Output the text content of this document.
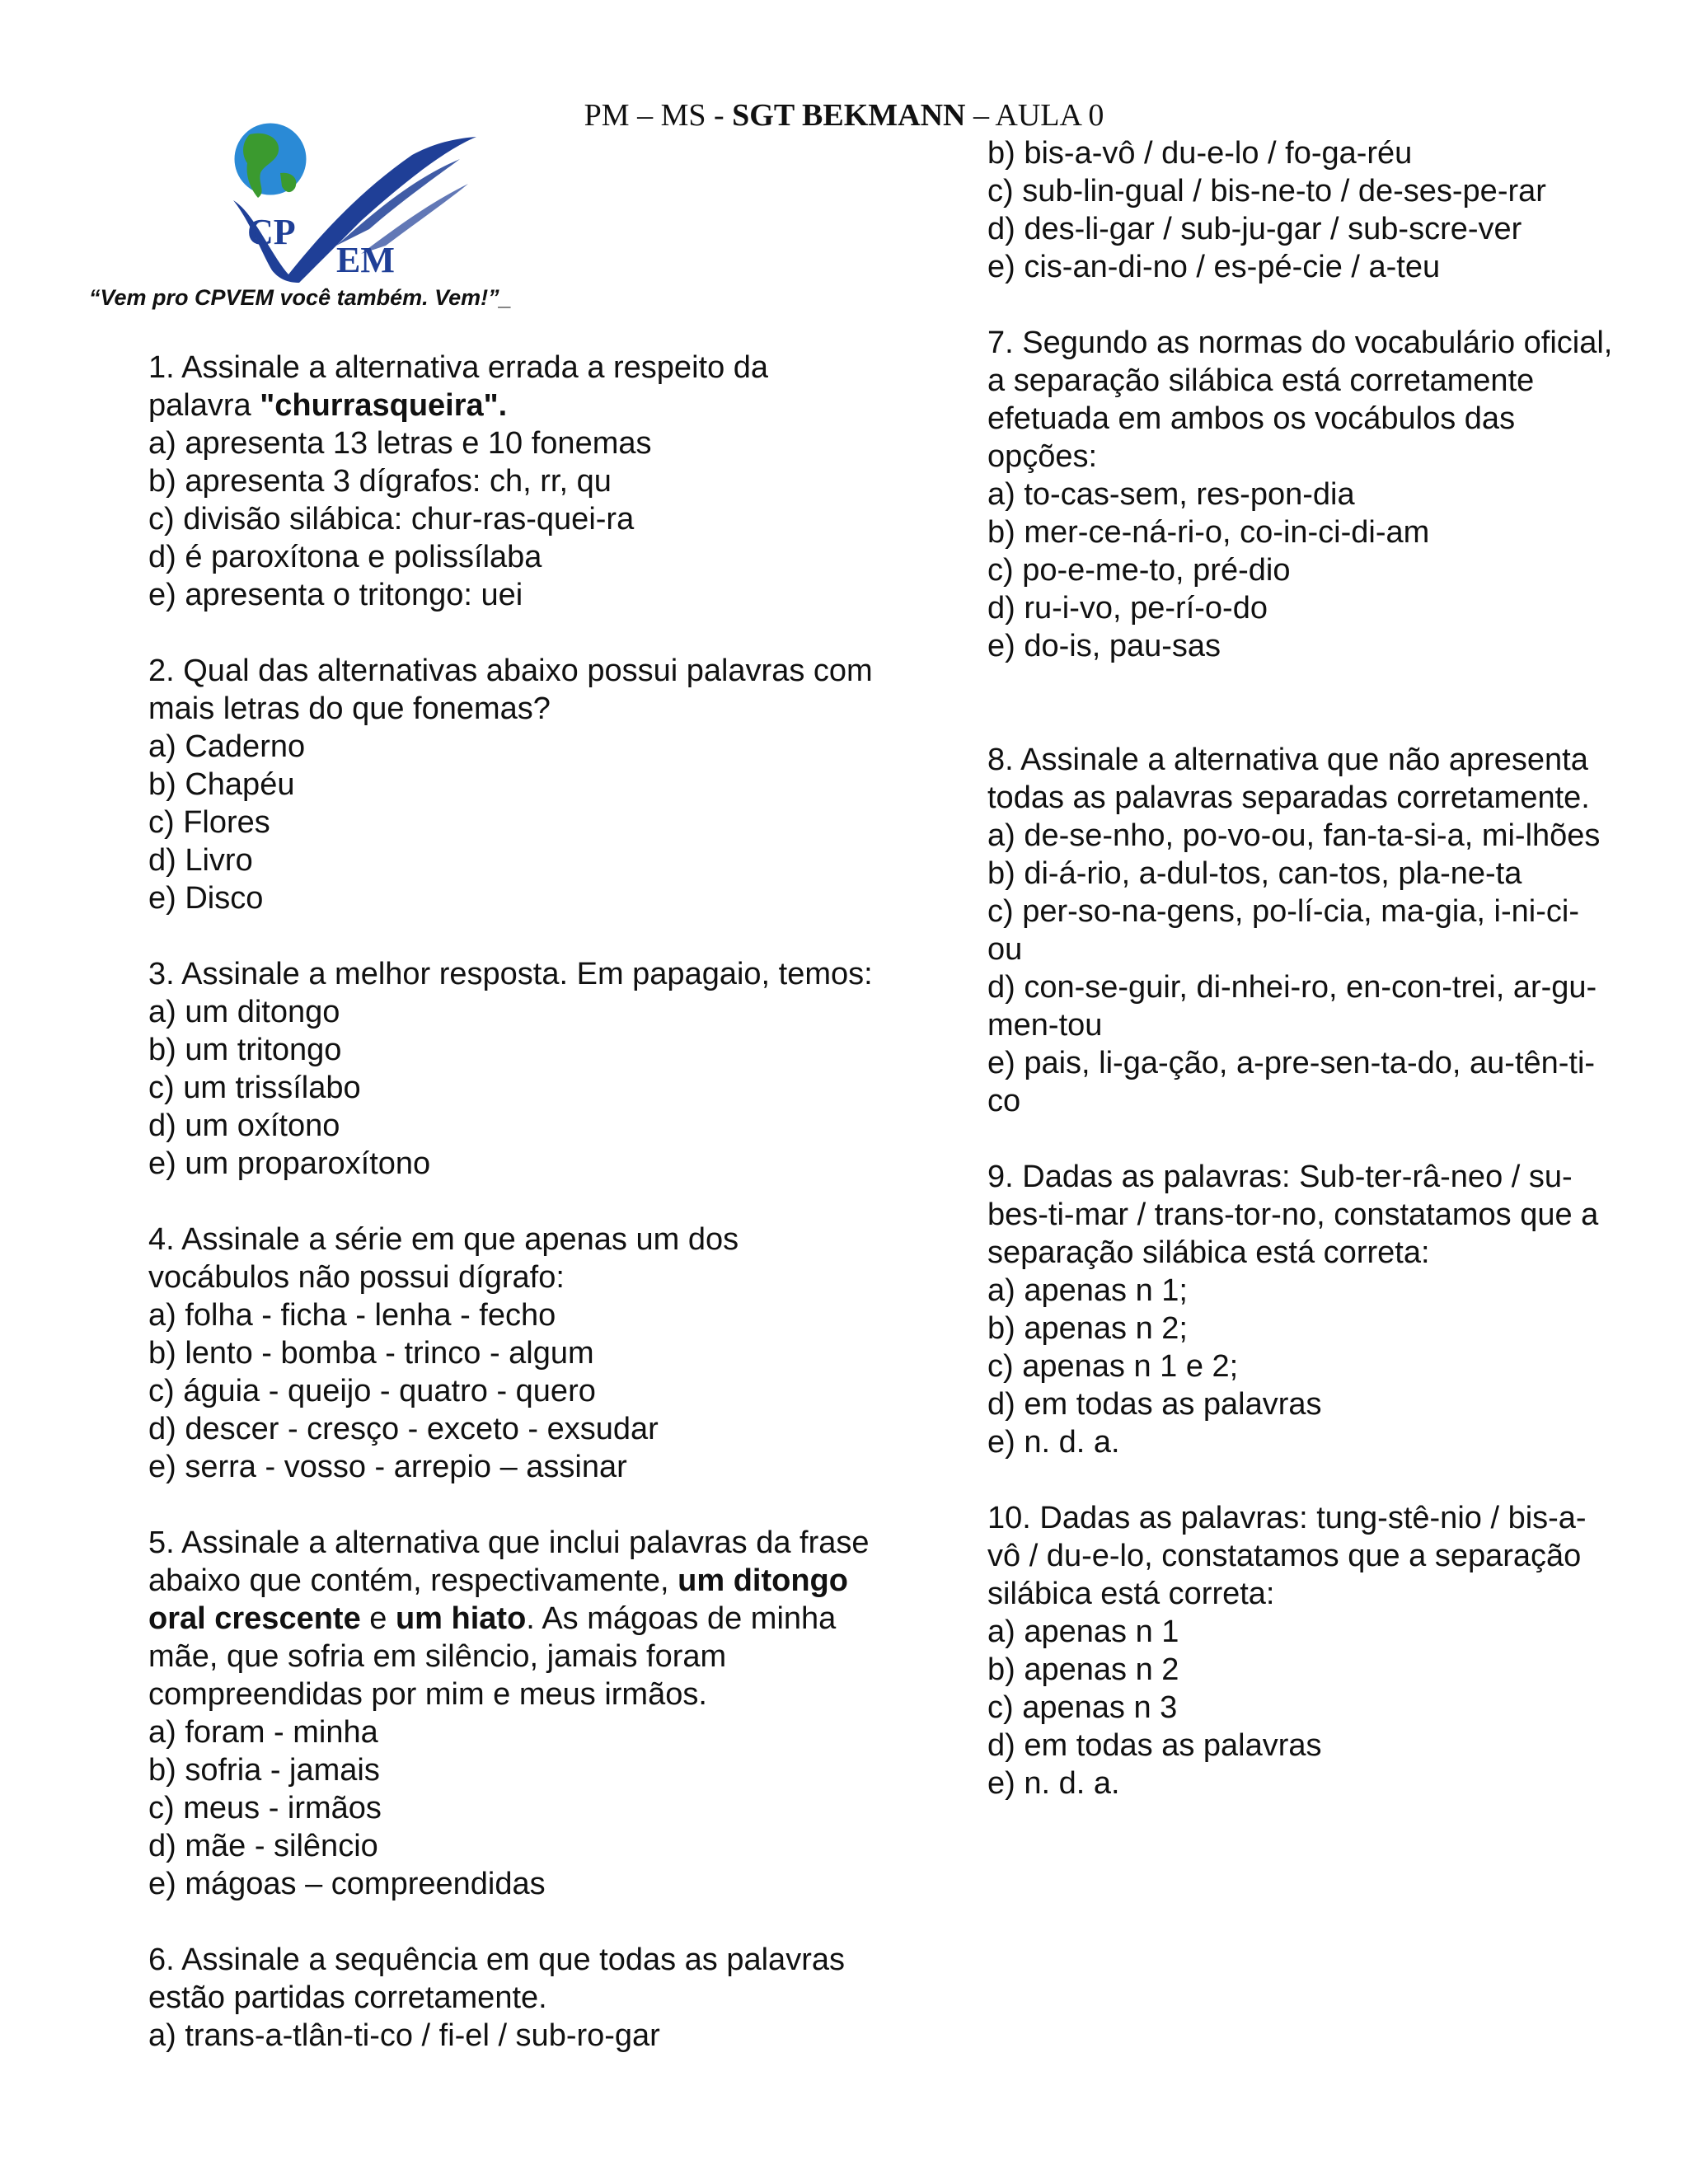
PM – MS - SGT BEKMANN – AULA 0
CP
EM
“Vem pro CPVEM você também. Vem!”_

1. Assinale a alternativa errada a respeito da palavra "churrasqueira".

a) apresenta 13 letras e 10 fonemas
b) apresenta 3 dígrafos: ch, rr, qu
c) divisão silábica: chur-ras-quei-ra
d) é paroxítona e polissílaba
e) apresenta o tritongo: uei

2. Qual das alternativas abaixo possui palavras com mais letras do que fonemas?

a) Caderno
b) Chapéu
c) Flores
d) Livro
e) Disco

3. Assinale a melhor resposta. Em papagaio, temos:

a) um ditongo
b) um tritongo
c) um trissílabo
d) um oxítono
e) um proparoxítono

4. Assinale a série em que apenas um dos vocábulos não possui dígrafo:

a) folha - ficha - lenha - fecho
b) lento - bomba - trinco - algum
c) águia - queijo - quatro - quero
d) descer - cresço - exceto - exsudar
e) serra - vosso - arrepio – assinar

5. Assinale a alternativa que inclui palavras da frase abaixo que contém, respectivamente, um ditongo oral crescente e um hiato. As mágoas de minha mãe, que sofria em silêncio, jamais foram compreendidas por mim e meus irmãos.

a) foram - minha
b) sofria - jamais
c) meus - irmãos
d) mãe - silêncio
e) mágoas – compreendidas

6. Assinale a sequência em que todas as palavras estão partidas corretamente.

a) trans-a-tlân-ti-co / fi-el / sub-ro-gar
b) bis-a-vô / du-e-lo / fo-ga-réu
c) sub-lin-gual / bis-ne-to / de-ses-pe-rar
d) des-li-gar / sub-ju-gar / sub-scre-ver
e) cis-an-di-no / es-pé-cie / a-teu

7. Segundo as normas do vocabulário oficial, a separação silábica está corretamente efetuada em ambos os vocábulos das opções:

a) to-cas-sem, res-pon-dia
b) mer-ce-ná-ri-o, co-in-ci-di-am
c) po-e-me-to, pré-dio
d) ru-i-vo, pe-rí-o-do
e) do-is, pau-sas

8. Assinale a alternativa que não apresenta todas as palavras separadas corretamente.

a) de-se-nho, po-vo-ou, fan-ta-si-a, mi-lhões

b) di-á-rio, a-dul-tos, can-tos, pla-ne-ta

c) per-so-na-gens, po-lí-cia, ma-gia, i-ni-ci-ou

d) con-se-guir, di-nhei-ro, en-con-trei, ar-gu-men-tou

e) pais, li-ga-ção, a-pre-sen-ta-do, au-tên-ti-co

9. Dadas as palavras: Sub-ter-râ-neo / su-bes-ti-mar / trans-tor-no, constatamos que a separação silábica está correta:

a) apenas n 1;
b) apenas n 2;
c) apenas n 1 e 2;
d) em todas as palavras
e) n. d. a.

10. Dadas as palavras: tung-stê-nio / bis-a-vô / du-e-lo, constatamos que a separação silábica está correta:

a) apenas n 1
b) apenas n 2
c) apenas n 3
d) em todas as palavras
e) n. d. a.
